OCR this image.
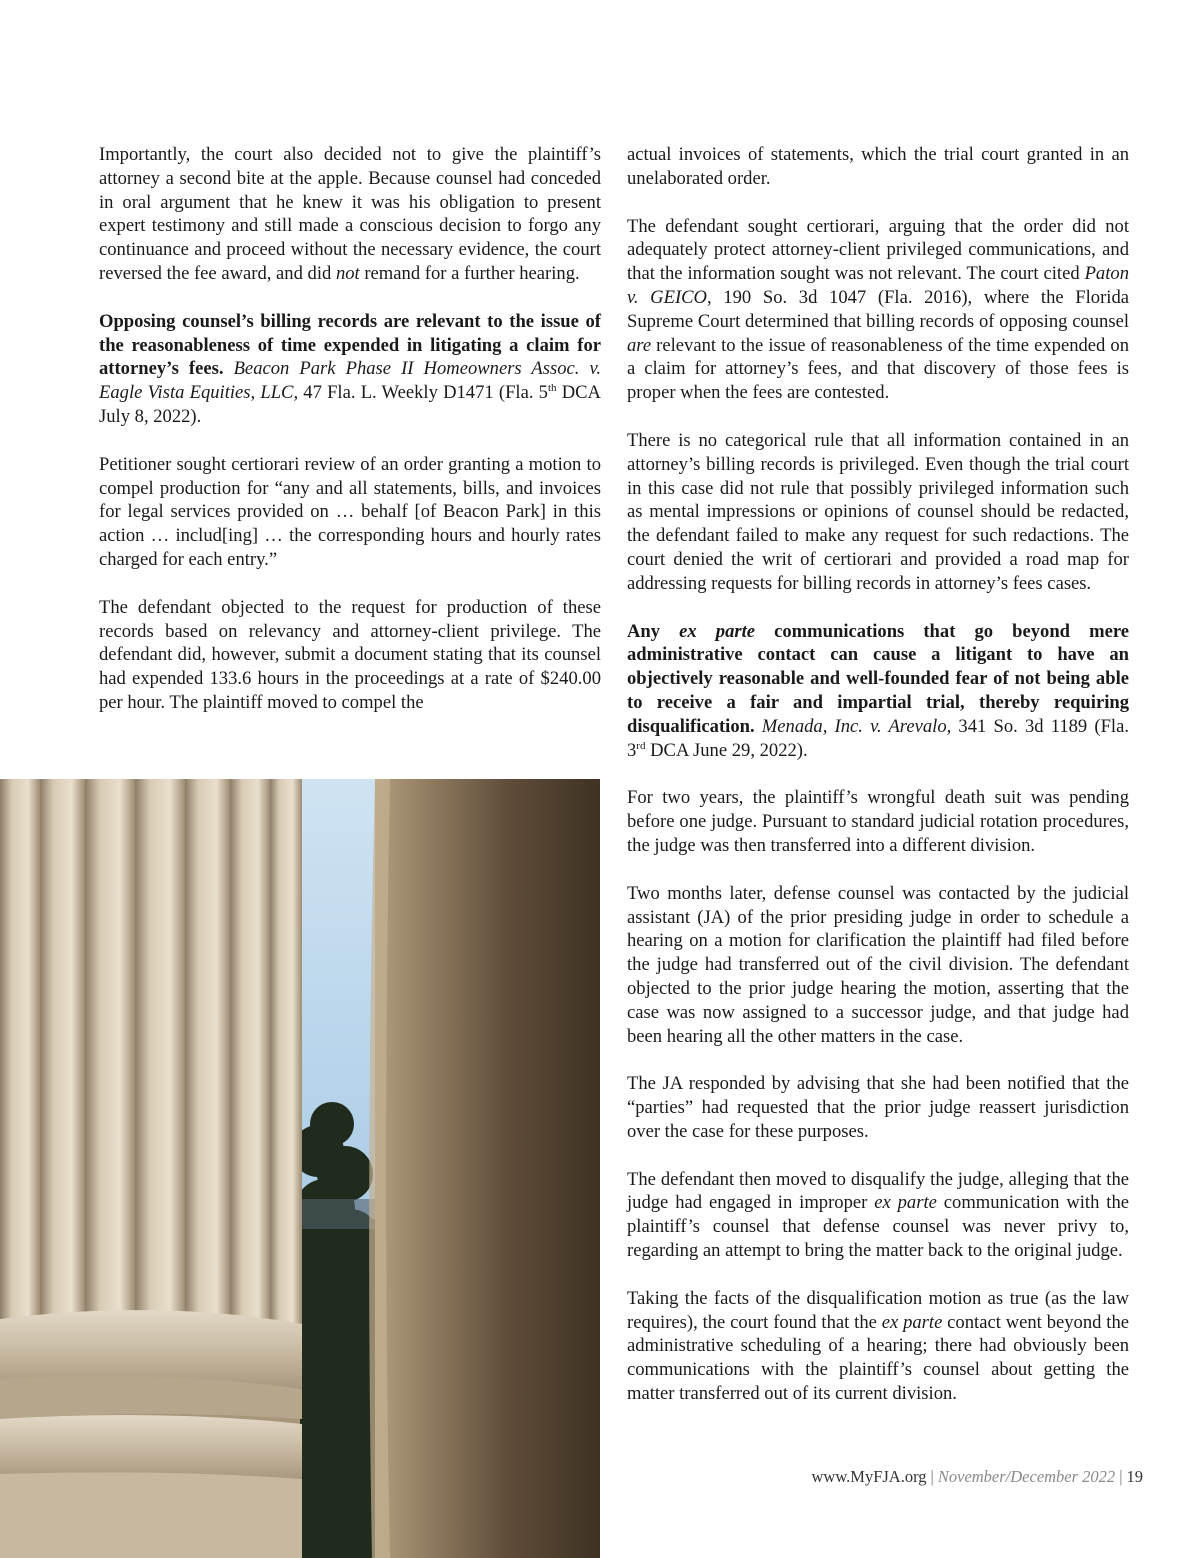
Importantly, the court also decided not to give the plaintiff’s attorney a second bite at the apple. Because counsel had conceded in oral argument that he knew it was his obligation to present expert testimony and still made a conscious decision to forgo any continuance and proceed without the necessary evidence, the court reversed the fee award, and did not remand for a further hearing.

Opposing counsel’s billing records are relevant to the issue of the reasonableness of time expended in litigating a claim for attorney’s fees. Beacon Park Phase II Homeowners Assoc. v. Eagle Vista Equities, LLC, 47 Fla. L. Weekly D1471 (Fla. 5th DCA July 8, 2022).

Petitioner sought certiorari review of an order granting a motion to compel production for “any and all statements, bills, and invoices for legal services provided on … behalf [of Beacon Park] in this action … includ[ing] … the corresponding hours and hourly rates charged for each entry.”

The defendant objected to the request for production of these records based on relevancy and attorney-client privilege. The defendant did, however, submit a document stating that its counsel had expended 133.6 hours in the proceedings at a rate of $240.00 per hour. The plaintiff moved to compel the

actual invoices of statements, which the trial court granted in an unelaborated order.

The defendant sought certiorari, arguing that the order did not adequately protect attorney-client privileged communications, and that the information sought was not relevant. The court cited Paton v. GEICO, 190 So. 3d 1047 (Fla. 2016), where the Florida Supreme Court determined that billing records of opposing counsel are relevant to the issue of reasonableness of the time expended on a claim for attorney’s fees, and that discovery of those fees is proper when the fees are contested.

There is no categorical rule that all information contained in an attorney’s billing records is privileged. Even though the trial court in this case did not rule that possibly privileged information such as mental impressions or opinions of counsel should be redacted, the defendant failed to make any request for such redactions. The court denied the writ of certiorari and provided a road map for addressing requests for billing records in attorney’s fees cases.

Any ex parte communications that go beyond mere administrative contact can cause a litigant to have an objectively reasonable and well-founded fear of not being able to receive a fair and impartial trial, thereby requiring disqualification. Menada, Inc. v. Arevalo, 341 So. 3d 1189 (Fla. 3rd DCA June 29, 2022).

For two years, the plaintiff’s wrongful death suit was pending before one judge. Pursuant to standard judicial rotation procedures, the judge was then transferred into a different division.

Two months later, defense counsel was contacted by the judicial assistant (JA) of the prior presiding judge in order to schedule a hearing on a motion for clarification the plaintiff had filed before the judge had transferred out of the civil division. The defendant objected to the prior judge hearing the motion, asserting that the case was now assigned to a successor judge, and that judge had been hearing all the other matters in the case.

The JA responded by advising that she had been notified that the “parties” had requested that the prior judge reassert jurisdiction over the case for these purposes.

The defendant then moved to disqualify the judge, alleging that the judge had engaged in improper ex parte communication with the plaintiff’s counsel that defense counsel was never privy to, regarding an attempt to bring the matter back to the original judge.

Taking the facts of the disqualification motion as true (as the law requires), the court found that the ex parte contact went beyond the administrative scheduling of a hearing; there had obviously been communications with the plaintiff’s counsel about getting the matter transferred out of its current division.

www.MyFJA.org | November/December 2022 | 19
